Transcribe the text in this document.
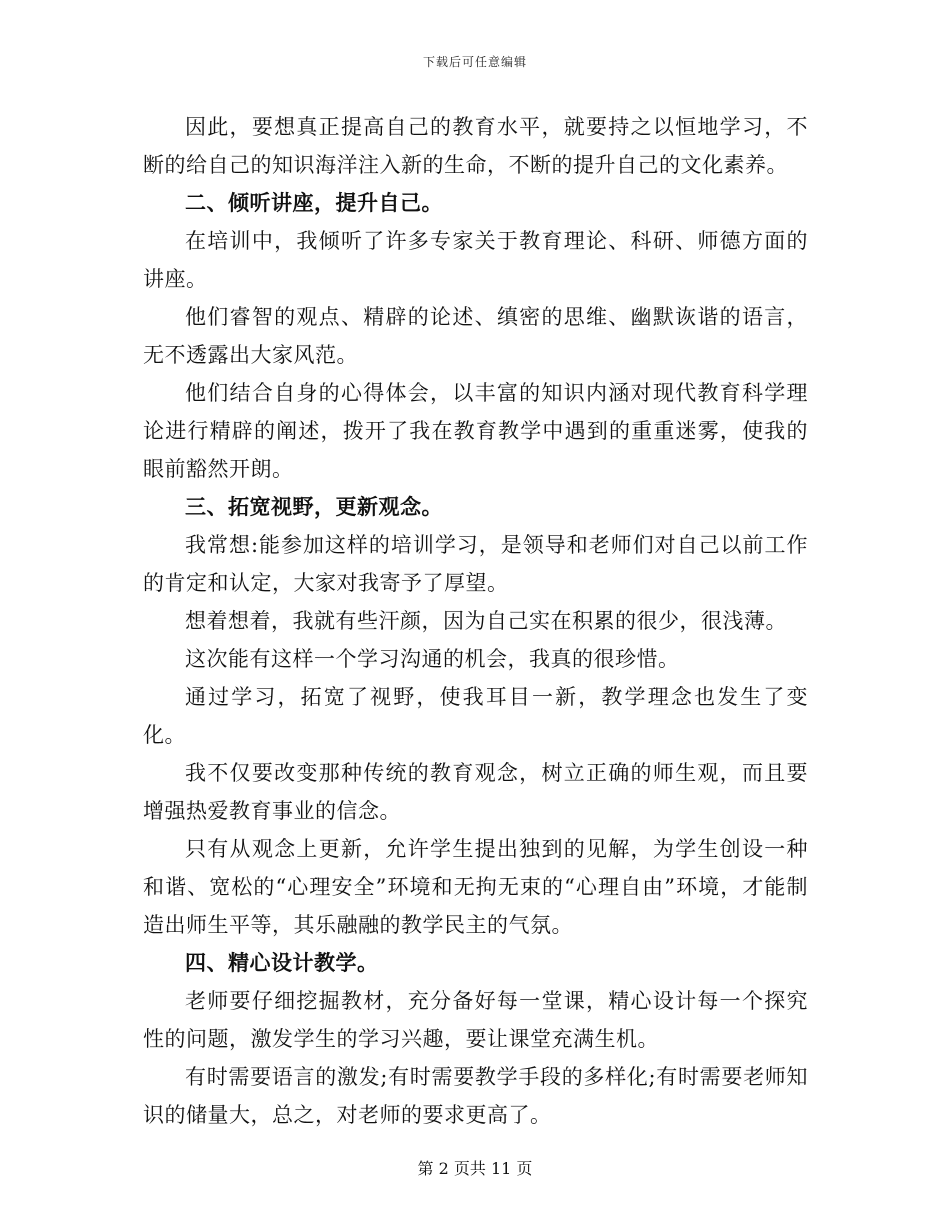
下载后可任意编辑

因此，要想真正提高自己的教育水平，就要持之以恒地学习，不断的给自己的知识海洋注入新的生命，不断的提升自己的文化素养。

二、倾听讲座，提升自己。

在培训中，我倾听了许多专家关于教育理论、科研、师德方面的讲座。

他们睿智的观点、精辟的论述、缜密的思维、幽默诙谐的语言，无不透露出大家风范。

他们结合自身的心得体会，以丰富的知识内涵对现代教育科学理论进行精辟的阐述，拨开了我在教育教学中遇到的重重迷雾，使我的眼前豁然开朗。

三、拓宽视野，更新观念。

我常想:能参加这样的培训学习，是领导和老师们对自己以前工作的肯定和认定，大家对我寄予了厚望。

想着想着，我就有些汗颜，因为自己实在积累的很少，很浅薄。

这次能有这样一个学习沟通的机会，我真的很珍惜。

通过学习，拓宽了视野，使我耳目一新，教学理念也发生了变化。

我不仅要改变那种传统的教育观念，树立正确的师生观，而且要增强热爱教育事业的信念。

只有从观念上更新，允许学生提出独到的见解，为学生创设一种和谐、宽松的“心理安全”环境和无拘无束的“心理自由”环境，才能制造出师生平等，其乐融融的教学民主的气氛。

四、精心设计教学。

老师要仔细挖掘教材，充分备好每一堂课，精心设计每一个探究性的问题，激发学生的学习兴趣，要让课堂充满生机。

有时需要语言的激发;有时需要教学手段的多样化;有时需要老师知识的储量大，总之，对老师的要求更高了。

第 2 页共 11 页
